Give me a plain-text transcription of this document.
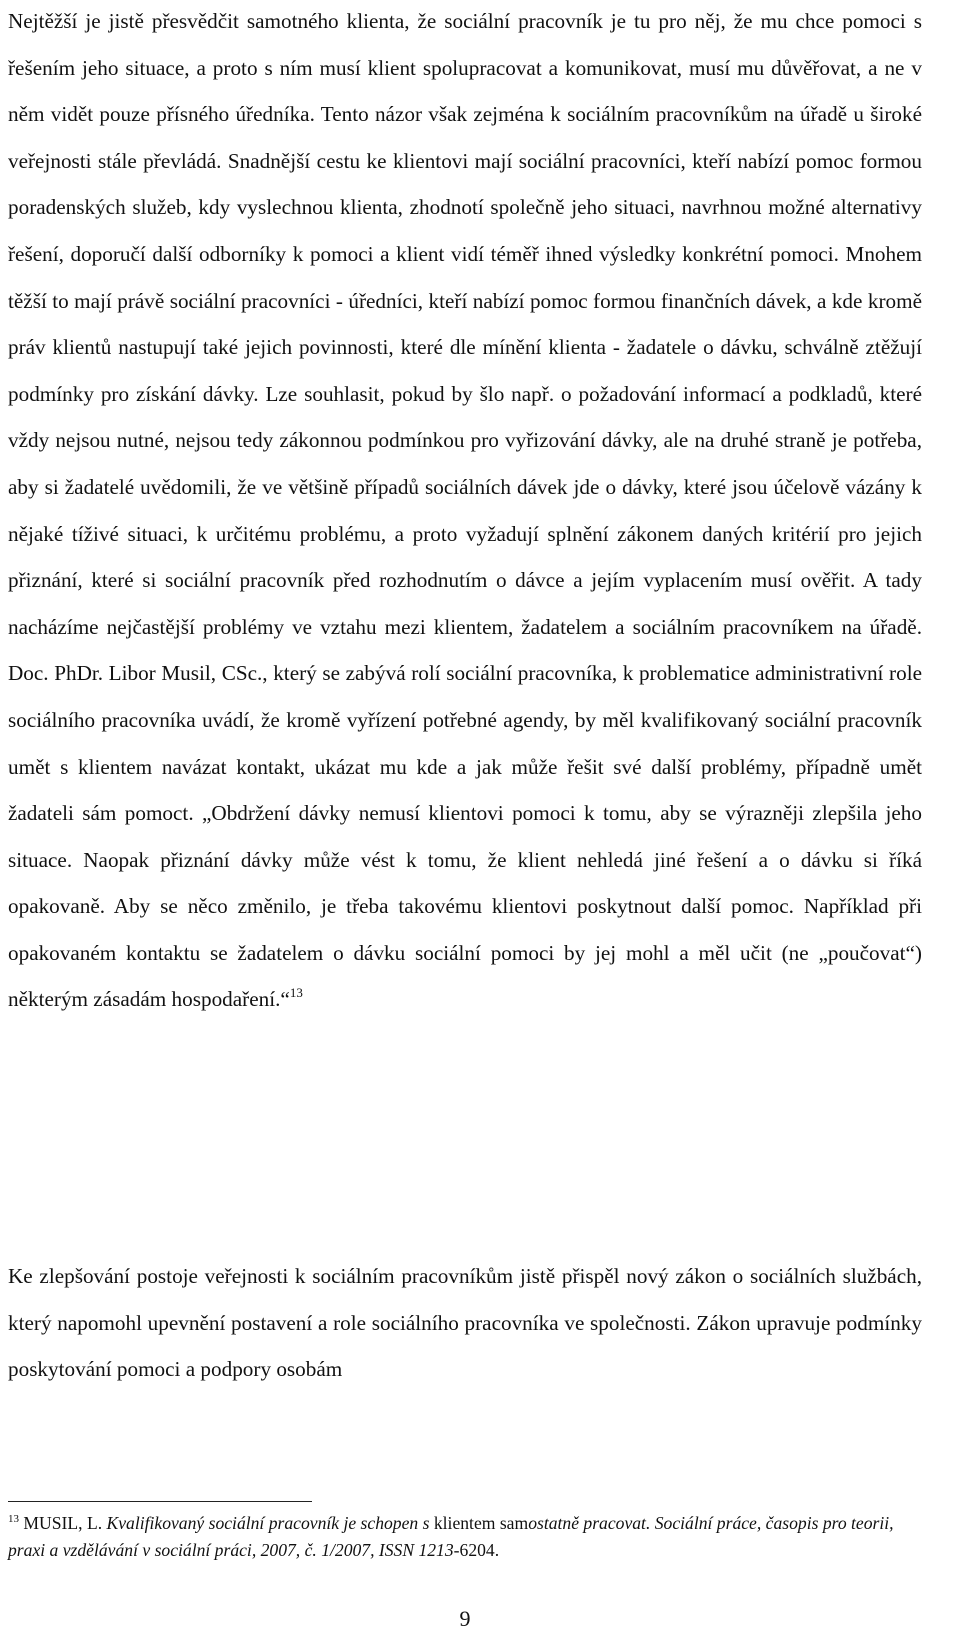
Nejtěžší je jistě přesvědčit samotného klienta, že sociální pracovník je tu pro něj, že mu chce pomoci s řešením jeho situace, a proto s ním musí klient spolupracovat a komunikovat, musí mu důvěřovat, a ne v něm vidět pouze přísného úředníka. Tento názor však zejména k sociálním pracovníkům na úřadě u široké veřejnosti stále převládá. Snadnější cestu ke klientovi mají sociální pracovníci, kteří nabízí pomoc formou poradenských služeb, kdy vyslechnou klienta, zhodnotí společně jeho situaci, navrhnou možné alternativy řešení, doporučí další odborníky k pomoci a klient vidí téměř ihned výsledky konkrétní pomoci. Mnohem těžší to mají právě sociální pracovníci - úředníci, kteří nabízí pomoc formou finančních dávek, a kde kromě práv klientů nastupují také jejich povinnosti, které dle mínění klienta - žadatele o dávku, schválně ztěžují podmínky pro získání dávky. Lze souhlasit, pokud by šlo např. o požadování informací a podkladů, které vždy nejsou nutné, nejsou tedy zákonnou podmínkou pro vyřizování dávky, ale na druhé straně je potřeba, aby si žadatelé uvědomili, že ve většině případů sociálních dávek jde o dávky, které jsou účelově vázány k nějaké tíživé situaci, k určitému problému, a proto vyžadují splnění zákonem daných kritérií pro jejich přiznání, které si sociální pracovník před rozhodnutím o dávce a jejím vyplacením musí ověřit. A tady nacházíme nejčastější problémy ve vztahu mezi klientem, žadatelem a sociálním pracovníkem na úřadě. Doc. PhDr. Libor Musil, CSc., který se zabývá rolí sociální pracovníka, k problematice administrativní role sociálního pracovníka uvádí, že kromě vyřízení potřebné agendy, by měl kvalifikovaný sociální pracovník umět s klientem navázat kontakt, ukázat mu kde a jak může řešit své další problémy, případně umět žadateli sám pomoct. „Obdržení dávky nemusí klientovi pomoci k tomu, aby se výrazněji zlepšila jeho situace. Naopak přiznání dávky může vést k tomu, že klient nehledá jiné řešení a o dávku si říká opakovaně. Aby se něco změnilo, je třeba takovému klientovi poskytnout další pomoc. Například při opakovaném kontaktu se žadatelem o dávku sociální pomoci by jej mohl a měl učit (ne „poučovat“) některým zásadám hospodaření.“$^{13}$

Ke zlepšování postoje veřejnosti k sociálním pracovníkům jistě přispěl nový zákon o sociálních službách, který napomohl upevnění postavení a role sociálního pracovníka ve společnosti. Zákon upravuje podmínky poskytování pomoci a podpory osobám

$^{13}$ MUSIL, L. Kvalifikovaný sociální pracovník je schopen s klientem samostatně pracovat. Sociální práce, časopis pro teorii, praxi a vzdělávání v sociální práci, 2007, č. 1/2007, ISSN 1213-6204.

9
